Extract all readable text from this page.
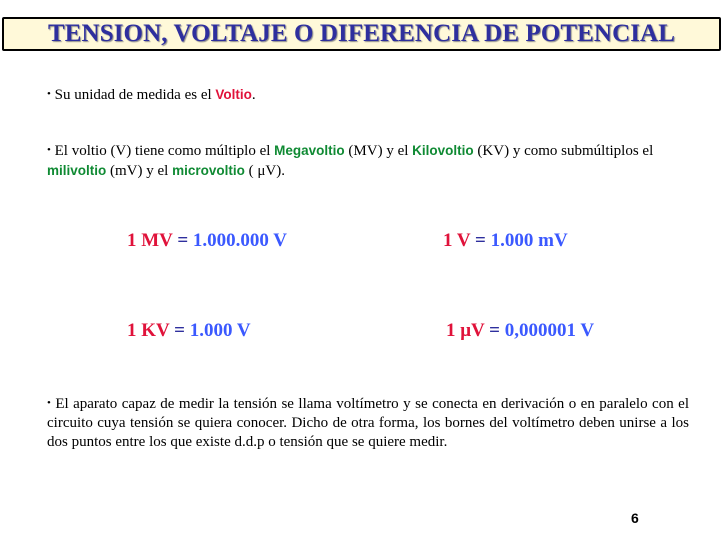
TENSION, VOLTAJE O DIFERENCIA DE POTENCIAL
• Su unidad de medida es el Voltio.
• El voltio (V) tiene como múltiplo el Megavoltio (MV) y el Kilovoltio (KV) y como submúltiplos el milivoltio (mV) y el microvoltio ( μV).
1 MV = 1.000.000 V	1 V = 1.000 mV
1 KV = 1.000 V	1 μV = 0,000001 V
• El aparato capaz de medir la tensión se llama voltímetro y se conecta en derivación o en paralelo con el circuito cuya tensión se quiera conocer. Dicho de otra forma, los bornes del voltímetro deben unirse a los dos puntos entre los que existe d.d.p o tensión que se quiere medir.
6
